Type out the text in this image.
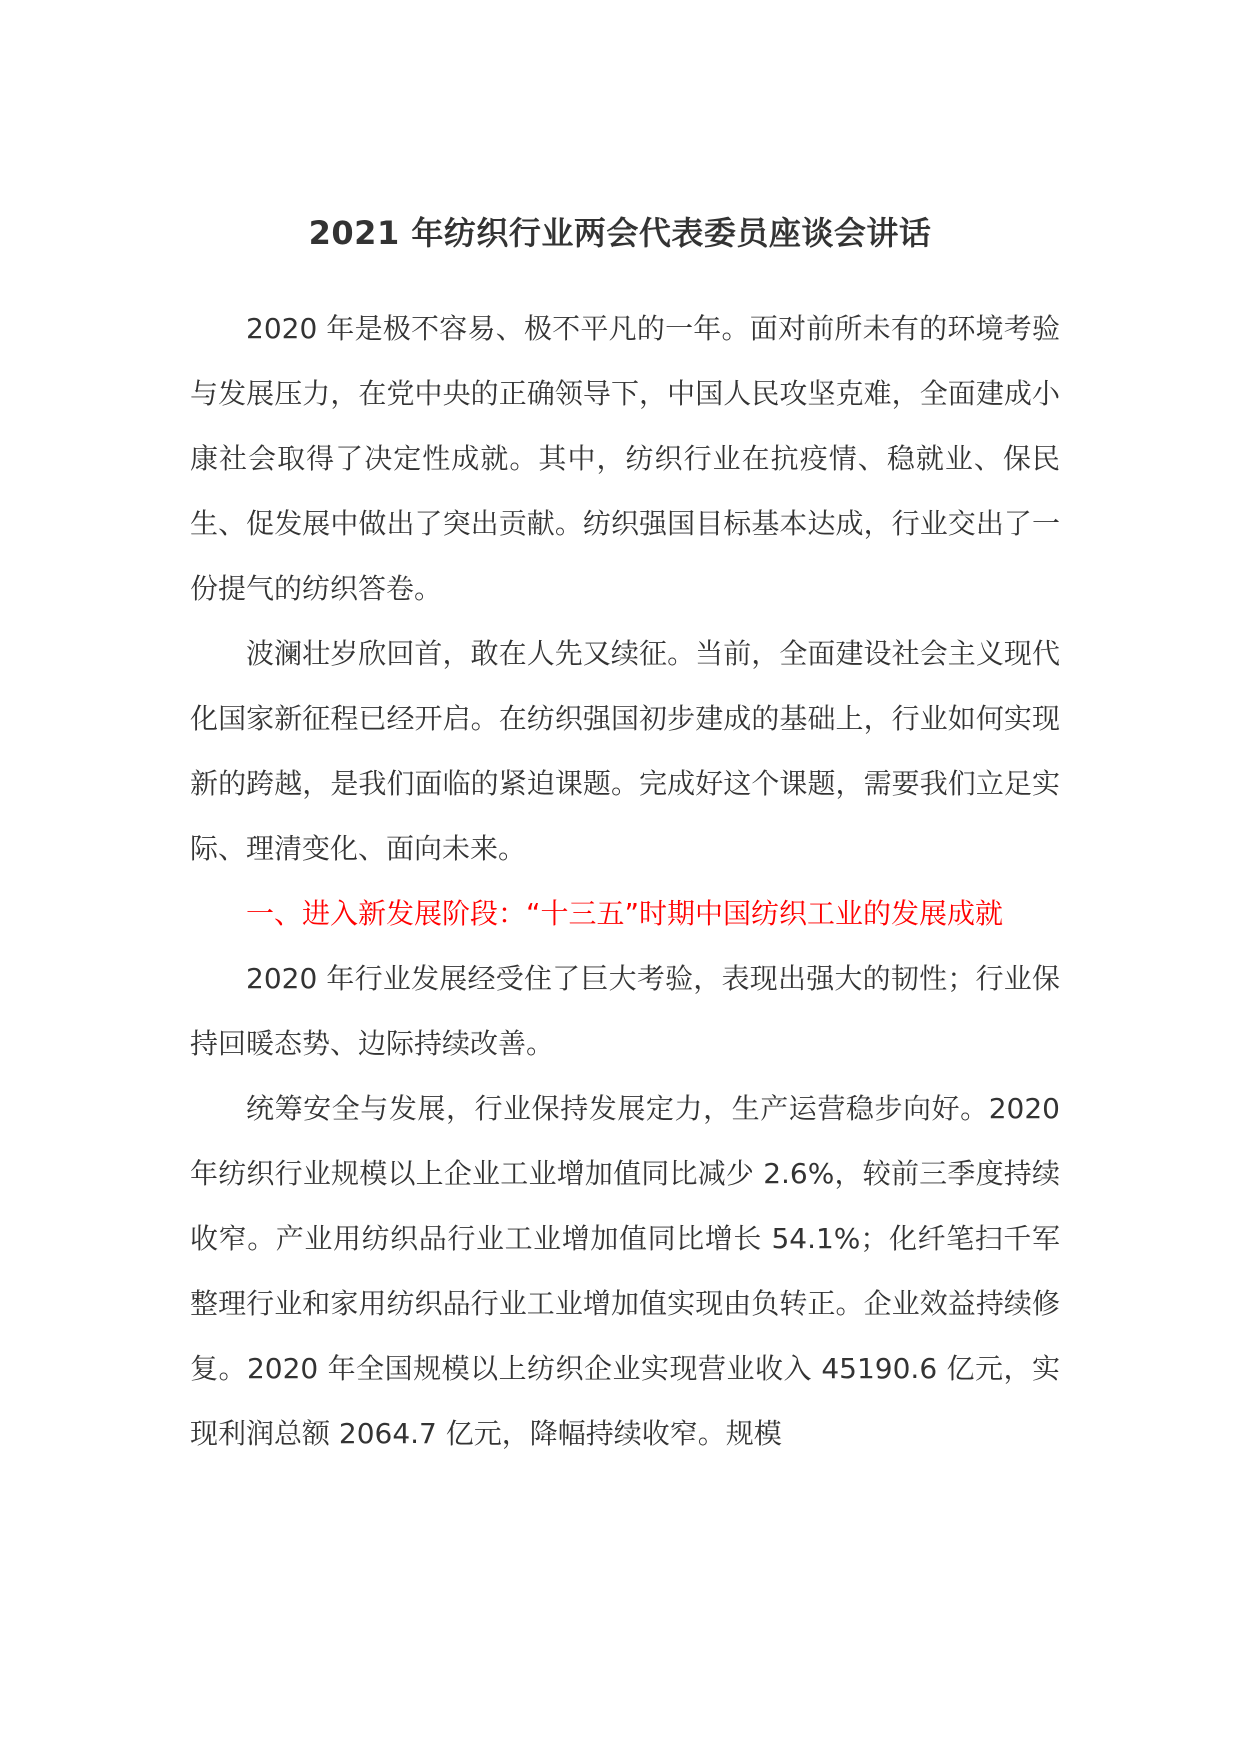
2021 年纺织行业两会代表委员座谈会讲话

2020 年是极不容易、极不平凡的一年。面对前所未有的环境考验与发展压力，在党中央的正确领导下，中国人民攻坚克难，全面建成小康社会取得了决定性成就。其中，纺织行业在抗疫情、稳就业、保民生、促发展中做出了突出贡献。纺织强国目标基本达成，行业交出了一份提气的纺织答卷。

波澜壮岁欣回首，敢在人先又续征。当前，全面建设社会主义现代化国家新征程已经开启。在纺织强国初步建成的基础上，行业如何实现新的跨越，是我们面临的紧迫课题。完成好这个课题，需要我们立足实际、理清变化、面向未来。

一、进入新发展阶段：“十三五”时期中国纺织工业的发展成就

2020 年行业发展经受住了巨大考验，表现出强大的韧性；行业保持回暖态势、边际持续改善。

统筹安全与发展，行业保持发展定力，生产运营稳步向好。2020 年纺织行业规模以上企业工业增加值同比减少 2.6%，较前三季度持续收窄。产业用纺织品行业工业增加值同比增长 54.1%；化纤笔扫千军整理行业和家用纺织品行业工业增加值实现由负转正。企业效益持续修复。2020 年全国规模以上纺织企业实现营业收入 45190.6 亿元，实现利润总额 2064.7 亿元，降幅持续收窄。规模
